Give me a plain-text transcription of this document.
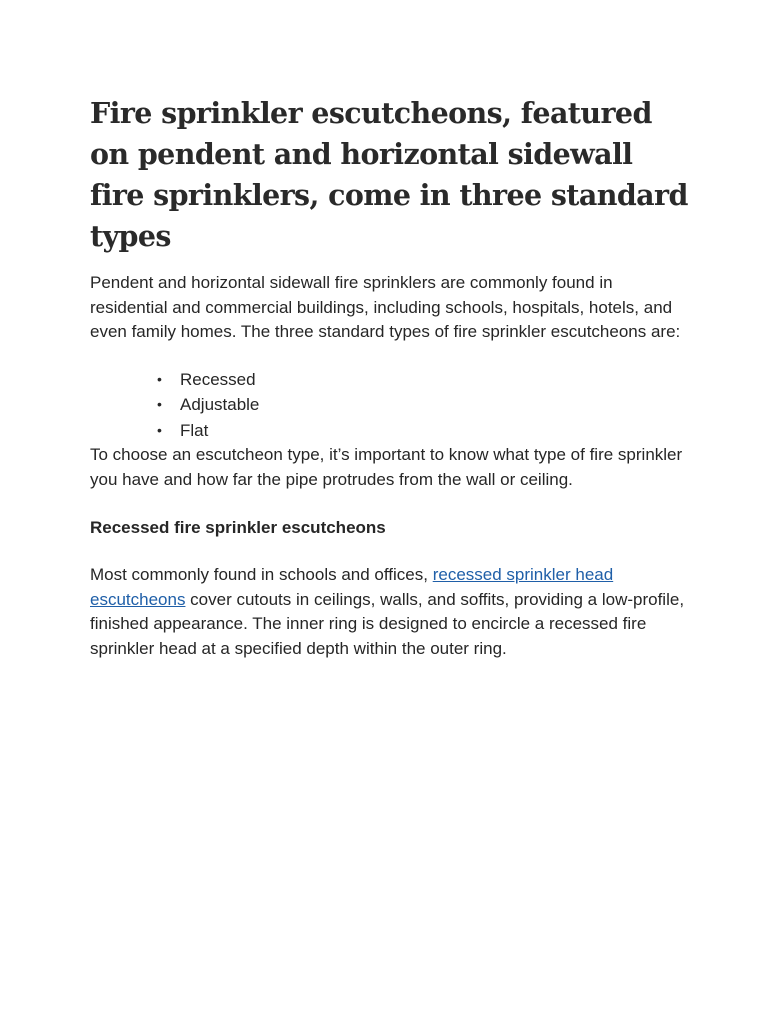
Fire sprinkler escutcheons, featured on pendent and horizontal sidewall fire sprinklers, come in three standard types

Pendent and horizontal sidewall fire sprinklers are commonly found in residential and commercial buildings, including schools, hospitals, hotels, and even family homes. The three standard types of fire sprinkler escutcheons are:

• Recessed
• Adjustable
• Flat

To choose an escutcheon type, it’s important to know what type of fire sprinkler you have and how far the pipe protrudes from the wall or ceiling.

Recessed fire sprinkler escutcheons

Most commonly found in schools and offices, recessed sprinkler head escutcheons cover cutouts in ceilings, walls, and soffits, providing a low-profile, finished appearance. The inner ring is designed to encircle a recessed fire sprinkler head at a specified depth within the outer ring.
